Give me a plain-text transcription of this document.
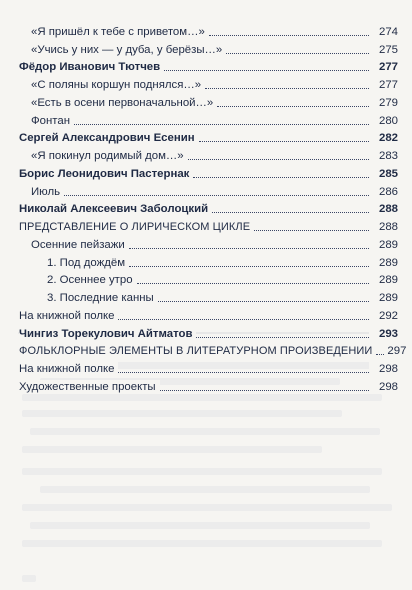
«Я пришёл к тебе с приветом…»	274
«Учись у них — у дуба, у берёзы…»	275
Фёдор Иванович Тютчев	277
«С поляны коршун поднялся…»	277
«Есть в осени первоначальной…»	279
Фонтан	280
Сергей Александрович Есенин	282
«Я покинул родимый дом…»	283
Борис Леонидович Пастернак	285
Июль	286
Николай Алексеевич Заболоцкий	288
ПРЕДСТАВЛЕНИЕ О ЛИРИЧЕСКОМ ЦИКЛЕ	288
Осенние пейзажи	289
1. Под дождём	289
2. Осеннее утро	289
3. Последние канны	289
На книжной полке	292
Чингиз Торекулович Айтматов	293
ФОЛЬКЛОРНЫЕ ЭЛЕМЕНТЫ В ЛИТЕРАТУРНОМ ПРОИЗВЕДЕНИИ	297
На книжной полке	298
Художественные проекты	298
